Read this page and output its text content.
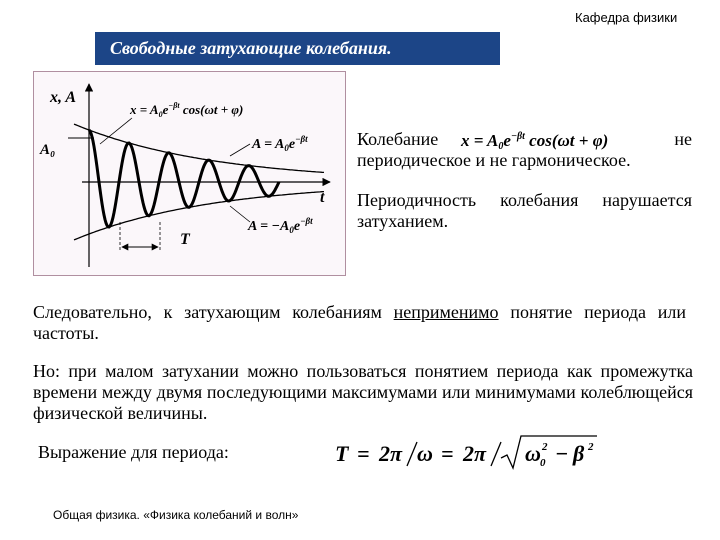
Кафедра физики
Свободные затухающие колебания.
x, A
t
A₀
T
$x = A_0e^{-\beta t}$ cos(ωt + φ)
$A = A_0e^{-\beta t}$
$A = -A_0e^{-\beta t}$
Колебание $x = A0e^{-\beta t}$ cos(ωt + φ)	не
периодическое и не гармоническое.
Периодичность колебания нарушается затуханием.
Следовательно, к затухающим колебаниям неприменимо понятие периода или частоты.
Но: при малом затухании можно пользоваться понятием периода как промежутка времени между двумя последующими максимумами или минимумами колеблющейся физической величины.
Выражение для периода:	T = 2π ω = 2π ω 0
2 − β 2
Общая физика. «Физика колебаний и волн»
